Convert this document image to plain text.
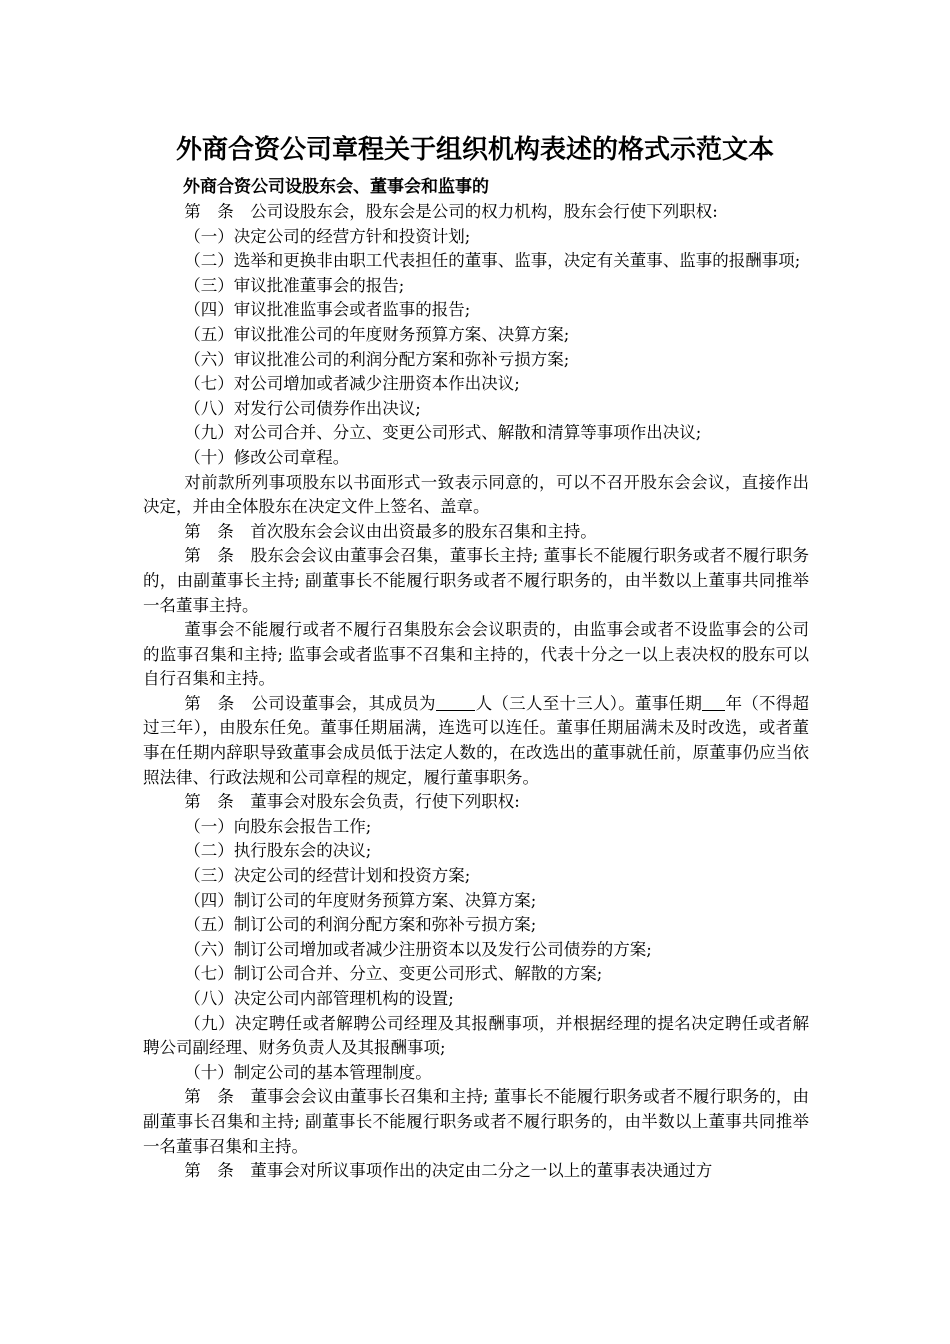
外商合资公司章程关于组织机构表述的格式示范文本
外商合资公司设股东会、董事会和监事的

第　条　公司设股东会，股东会是公司的权力机构，股东会行使下列职权:

（一）决定公司的经营方针和投资计划;

（二）选举和更换非由职工代表担任的董事、监事，决定有关董事、监事的报酬事项;

（三）审议批准董事会的报告;

（四）审议批准监事会或者监事的报告;

（五）审议批准公司的年度财务预算方案、决算方案;

（六）审议批准公司的利润分配方案和弥补亏损方案;

（七）对公司增加或者减少注册资本作出决议;

（八）对发行公司债券作出决议;

（九）对公司合并、分立、变更公司形式、解散和清算等事项作出决议;

（十）修改公司章程。

对前款所列事项股东以书面形式一致表示同意的，可以不召开股东会会议，直接作出决定，并由全体股东在决定文件上签名、盖章。

第　条　首次股东会会议由出资最多的股东召集和主持。

第　条　股东会会议由董事会召集，董事长主持; 董事长不能履行职务或者不履行职务的，由副董事长主持; 副董事长不能履行职务或者不履行职务的，由半数以上董事共同推举一名董事主持。

董事会不能履行或者不履行召集股东会会议职责的，由监事会或者不设监事会的公司的监事召集和主持; 监事会或者监事不召集和主持的，代表十分之一以上表决权的股东可以自行召集和主持。

第　条　公司设董事会，其成员为 人（三人至十三人）。董事任期 年（不得超过三年），由股东任免。董事任期届满，连选可以连任。董事任期届满未及时改选，或者董事在任期内辞职导致董事会成员低于法定人数的，在改选出的董事就任前，原董事仍应当依照法律、行政法规和公司章程的规定，履行董事职务。

第　条　董事会对股东会负责，行使下列职权:

（一）向股东会报告工作;

（二）执行股东会的决议;

（三）决定公司的经营计划和投资方案;

（四）制订公司的年度财务预算方案、决算方案;

（五）制订公司的利润分配方案和弥补亏损方案;

（六）制订公司增加或者减少注册资本以及发行公司债券的方案;

（七）制订公司合并、分立、变更公司形式、解散的方案;

（八）决定公司内部管理机构的设置;

（九）决定聘任或者解聘公司经理及其报酬事项，并根据经理的提名决定聘任或者解聘公司副经理、财务负责人及其报酬事项;

（十）制定公司的基本管理制度。

第　条　董事会会议由董事长召集和主持; 董事长不能履行职务或者不履行职务的，由副董事长召集和主持; 副董事长不能履行职务或者不履行职务的，由半数以上董事共同推举一名董事召集和主持。

第　条　董事会对所议事项作出的决定由二分之一以上的董事表决通过方
